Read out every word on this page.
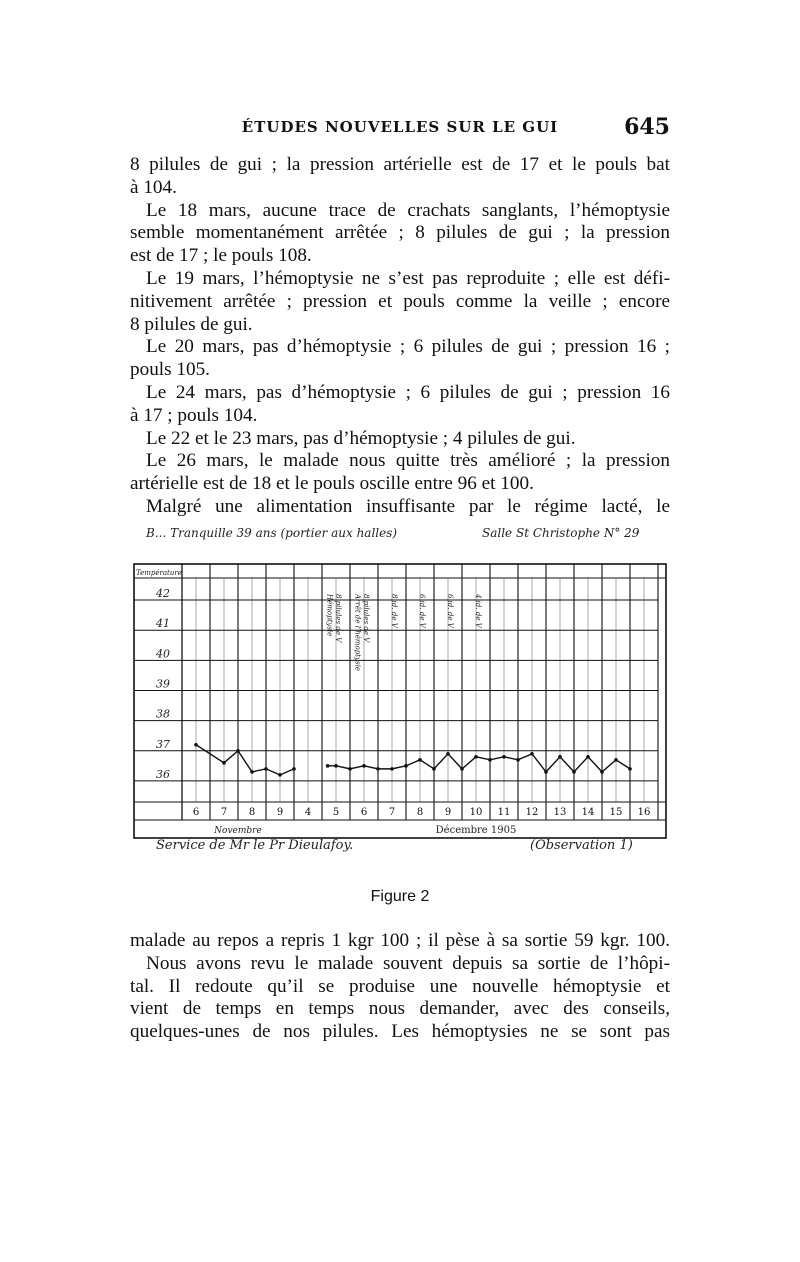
ÉTUDES NOUVELLES SUR LE GUI	645

8 pilules de gui ; la pression artérielle est de 17 et le pouls bat

à 104.

Le 18 mars, aucune trace de crachats sanglants, l’hémoptysie

semble momentanément arrêtée ; 8 pilules de gui ; la pression

est de 17 ; le pouls 108.

Le 19 mars, l’hémoptysie ne s’est pas reproduite ; elle est défi-

nitivement arrêtée ; pression et pouls comme la veille ; encore

8 pilules de gui.

Le 20 mars, pas d’hémoptysie ; 6 pilules de gui ; pression 16 ;

pouls 105.

Le 24 mars, pas d’hémoptysie ; 6 pilules de gui ; pression 16

à 17 ; pouls 104.

Le 22 et le 23 mars, pas d’hémoptysie ; 4 pilules de gui.

Le 26 mars, le malade nous quitte très amélioré ; la pression

artérielle est de 18 et le pouls oscille entre 96 et 100.

Malgré une alimentation insuffisante par le régime lacté, le

B... Tranquille 39 ans (portier aux halles)	Salle St Christophe N° 29
42
41
40
39
38
37
36
6 7 8 9 4 5 6 7 8 9 10 11 12 13 14 15 16
Novembre	Décembre 1905
Température
Hémoptysie 8 pilules de V Arrêt de l’hémoptysie 8 pilules de V	8 id. de V	6 id. de V	6 id. de V	4 id. de V
Service de Mr le Pr Dieulafoy.	(Observation 1)
Figure 2

malade au repos a repris 1 kgr 100 ; il pèse à sa sortie 59 kgr. 100.

Nous avons revu le malade souvent depuis sa sortie de l’hôpi-

tal. Il redoute qu’il se produise une nouvelle hémoptysie et

vient de temps en temps nous demander, avec des conseils,

quelques-unes de nos pilules. Les hémoptysies ne se sont pas
